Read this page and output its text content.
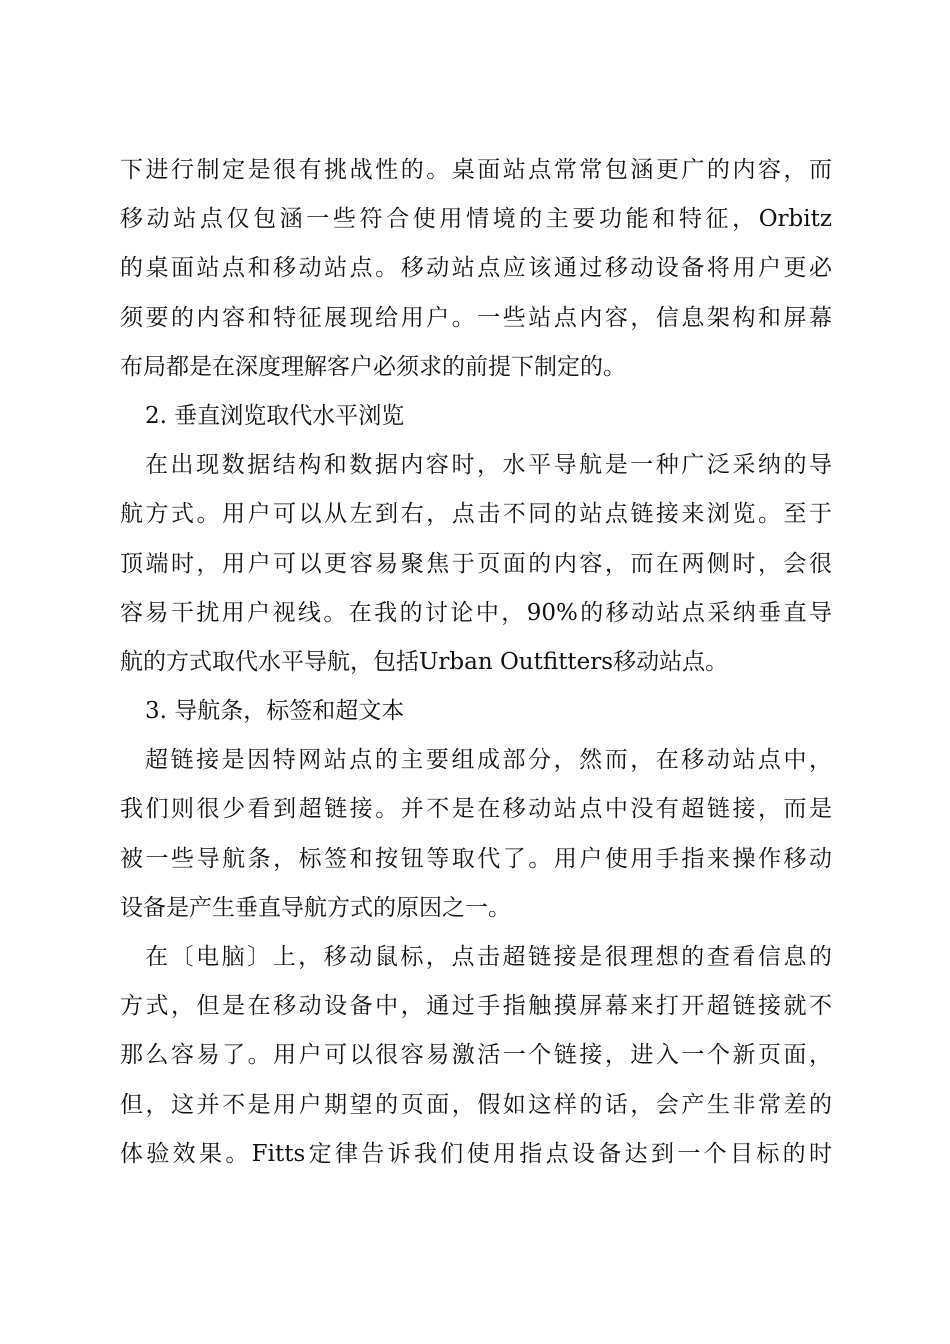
下进行制定是很有挑战性的。桌面站点常常包涵更广的内容，而
移动站点仅包涵一些符合使用情境的主要功能和特征，Orbitz
的桌面站点和移动站点。移动站点应该通过移动设备将用户更必
须要的内容和特征展现给用户。一些站点内容，信息架构和屏幕
布局都是在深度理解客户必须求的前提下制定的。
2. 垂直浏览取代水平浏览
在出现数据结构和数据内容时，水平导航是一种广泛采纳的导
航方式。用户可以从左到右，点击不同的站点链接来浏览。至于
顶端时，用户可以更容易聚焦于页面的内容，而在两侧时，会很
容易干扰用户视线。在我的讨论中，90%的移动站点采纳垂直导
航的方式取代水平导航，包括Urban Outfitters移动站点。
3. 导航条，标签和超文本
超链接是因特网站点的主要组成部分，然而，在移动站点中，
我们则很少看到超链接。并不是在移动站点中没有超链接，而是
被一些导航条，标签和按钮等取代了。用户使用手指来操作移动
设备是产生垂直导航方式的原因之一。
在〔电脑〕上，移动鼠标，点击超链接是很理想的查看信息的
方式，但是在移动设备中，通过手指触摸屏幕来打开超链接就不
那么容易了。用户可以很容易激活一个链接，进入一个新页面，
但，这并不是用户期望的页面，假如这样的话，会产生非常差的
体验效果。Fitts定律告诉我们使用指点设备达到一个目标的时
